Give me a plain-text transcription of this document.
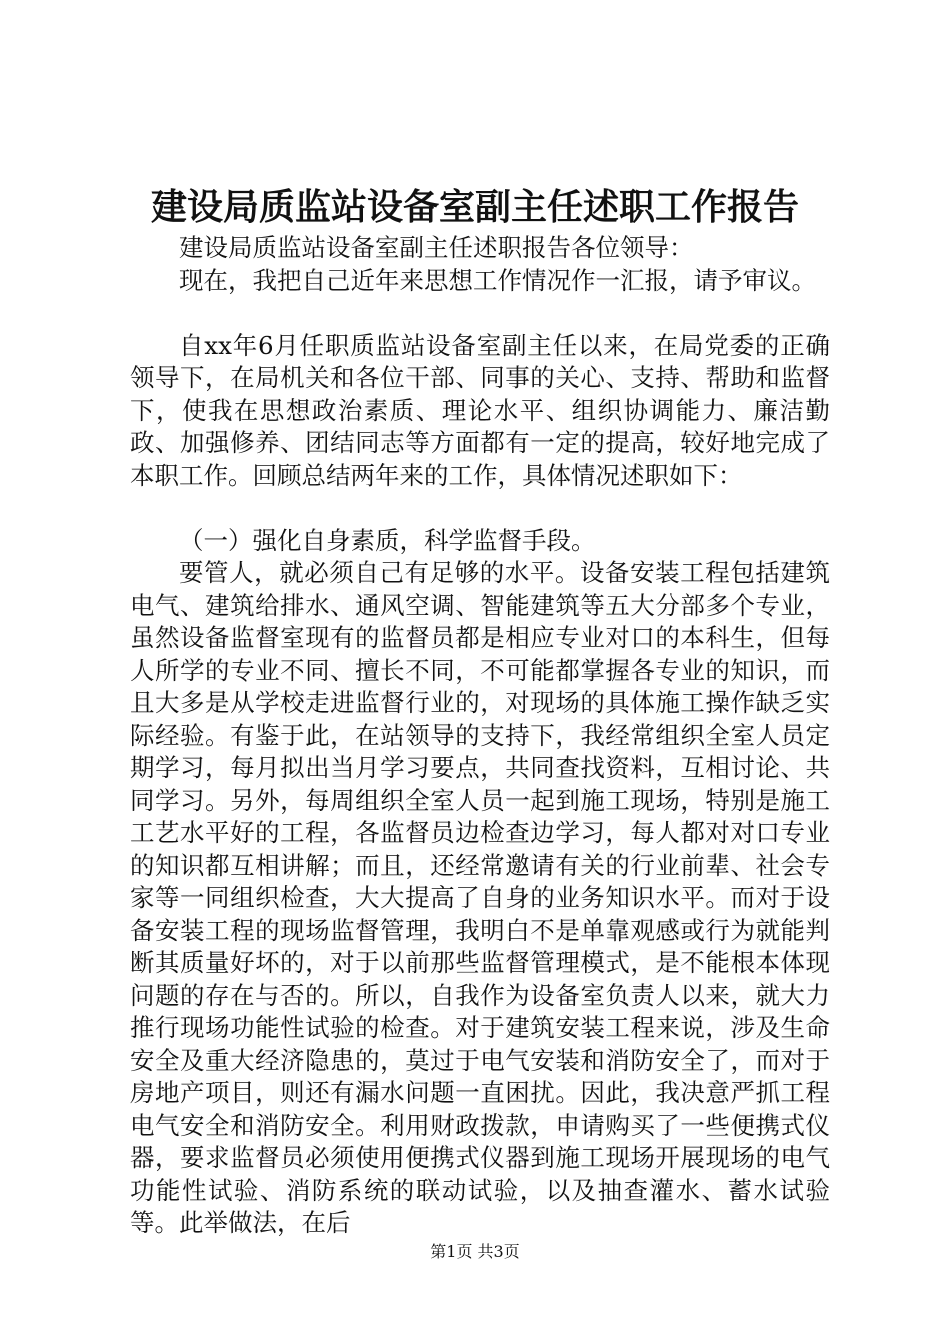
建设局质监站设备室副主任述职工作报告

建设局质监站设备室副主任述职报告各位领导：

现在，我把自己近年来思想工作情况作一汇报，请予审议。

自xx年6月任职质监站设备室副主任以来，在局党委的正确领导下，在局机关和各位干部、同事的关心、支持、帮助和监督下，使我在思想政治素质、理论水平、组织协调能力、廉洁勤政、加强修养、团结同志等方面都有一定的提高，较好地完成了本职工作。回顾总结两年来的工作，具体情况述职如下：

（一）强化自身素质，科学监督手段。

要管人，就必须自己有足够的水平。设备安装工程包括建筑电气、建筑给排水、通风空调、智能建筑等五大分部多个专业，虽然设备监督室现有的监督员都是相应专业对口的本科生，但每人所学的专业不同、擅长不同，不可能都掌握各专业的知识，而且大多是从学校走进监督行业的，对现场的具体施工操作缺乏实际经验。有鉴于此，在站领导的支持下，我经常组织全室人员定期学习，每月拟出当月学习要点，共同查找资料，互相讨论、共同学习。另外，每周组织全室人员一起到施工现场，特别是施工工艺水平好的工程，各监督员边检查边学习，每人都对对口专业的知识都互相讲解；而且，还经常邀请有关的行业前辈、社会专家等一同组织检查，大大提高了自身的业务知识水平。而对于设备安装工程的现场监督管理，我明白不是单靠观感或行为就能判断其质量好坏的，对于以前那些监督管理模式，是不能根本体现问题的存在与否的。所以，自我作为设备室负责人以来，就大力推行现场功能性试验的检查。对于建筑安装工程来说，涉及生命安全及重大经济隐患的，莫过于电气安装和消防安全了，而对于房地产项目，则还有漏水问题一直困扰。因此，我决意严抓工程电气安全和消防安全。利用财政拨款，申请购买了一些便携式仪器，要求监督员必须使用便携式仪器到施工现场开展现场的电气功能性试验、消防系统的联动试验，以及抽查灌水、蓄水试验等。此举做法，在后

第1页 共3页
